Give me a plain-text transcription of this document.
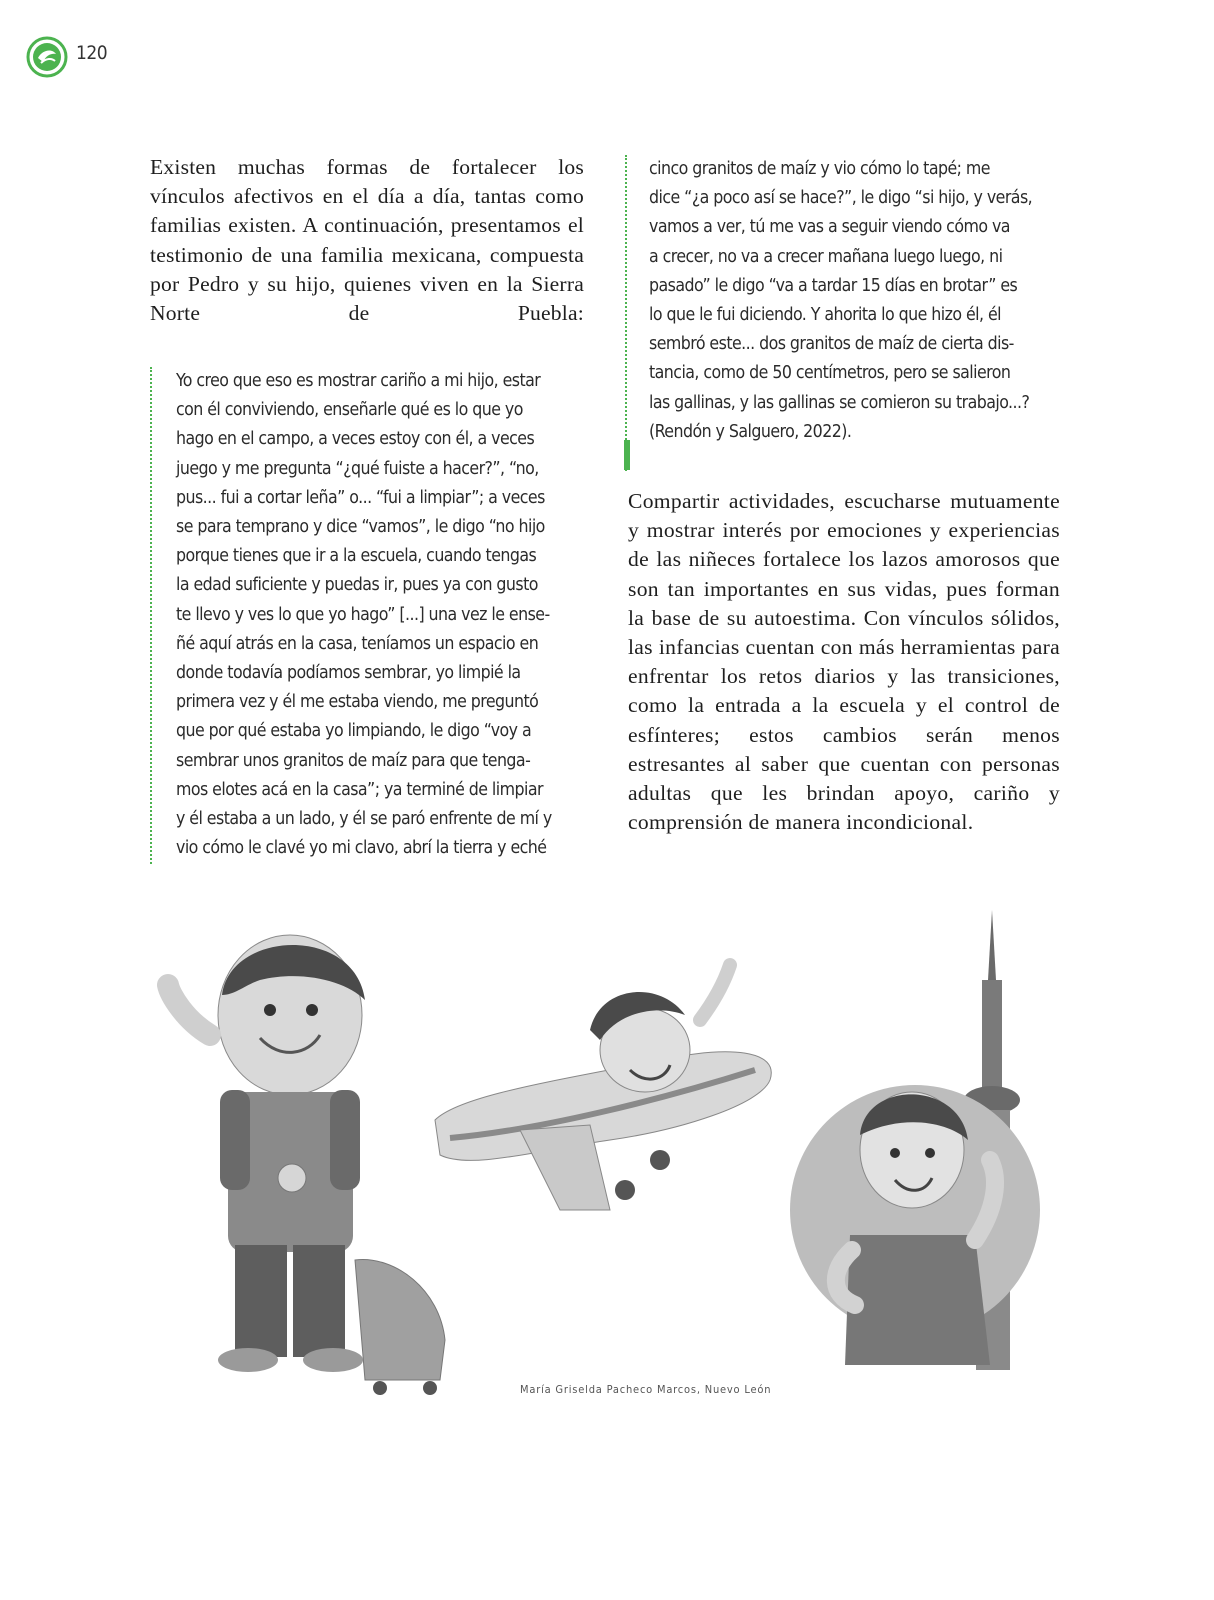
120

Existen muchas formas de fortalecer los vínculos afectivos en el día a día, tantas como familias existen. A continuación, presentamos el testimonio de una familia mexicana, compuesta por Pedro y su hijo, quienes viven en la Sierra Norte de Puebla:

Yo creo que eso es mostrar cariño a mi hijo, estar

con él conviviendo, enseñarle qué es lo que yo

hago en el campo, a veces estoy con él, a veces

juego y me pregunta “¿qué fuiste a hacer?”, “no,

pus... fui a cortar leña” o... “fui a limpiar”; a veces

se para temprano y dice “vamos”, le digo “no hijo

porque tienes que ir a la escuela, cuando tengas

la edad suficiente y puedas ir, pues ya con gusto

te llevo y ves lo que yo hago” [...] una vez le ense-

ñé aquí atrás en la casa, teníamos un espacio en

donde todavía podíamos sembrar, yo limpié la

primera vez y él me estaba viendo, me preguntó

que por qué estaba yo limpiando, le digo “voy a

sembrar unos granitos de maíz para que tenga-

mos elotes acá en la casa”; ya terminé de limpiar

y él estaba a un lado, y él se paró enfrente de mí y

vio cómo le clavé yo mi clavo, abrí la tierra y eché

cinco granitos de maíz y vio cómo lo tapé; me

dice “¿a poco así se hace?”, le digo “si hijo, y verás,

vamos a ver, tú me vas a seguir viendo cómo va

a crecer, no va a crecer mañana luego luego, ni

pasado” le digo “va a tardar 15 días en brotar” es

lo que le fui diciendo. Y ahorita lo que hizo él, él

sembró este... dos granitos de maíz de cierta dis-

tancia, como de 50 centímetros, pero se salieron

las gallinas, y las gallinas se comieron su trabajo...?

(Rendón y Salguero, 2022).

Compartir actividades, escucharse mutuamente y mostrar interés por emociones y experiencias de las niñeces fortalece los lazos amorosos que son tan importantes en sus vidas, pues forman la base de su autoestima. Con vínculos sólidos, las infancias cuentan con más herramientas para enfrentar los retos diarios y las transiciones, como la entrada a la escuela y el control de esfínteres; estos cambios serán menos estresantes al saber que cuentan con personas adultas que les brindan apoyo, cariño y comprensión de manera incondicional.

María Griselda Pacheco Marcos, Nuevo León
